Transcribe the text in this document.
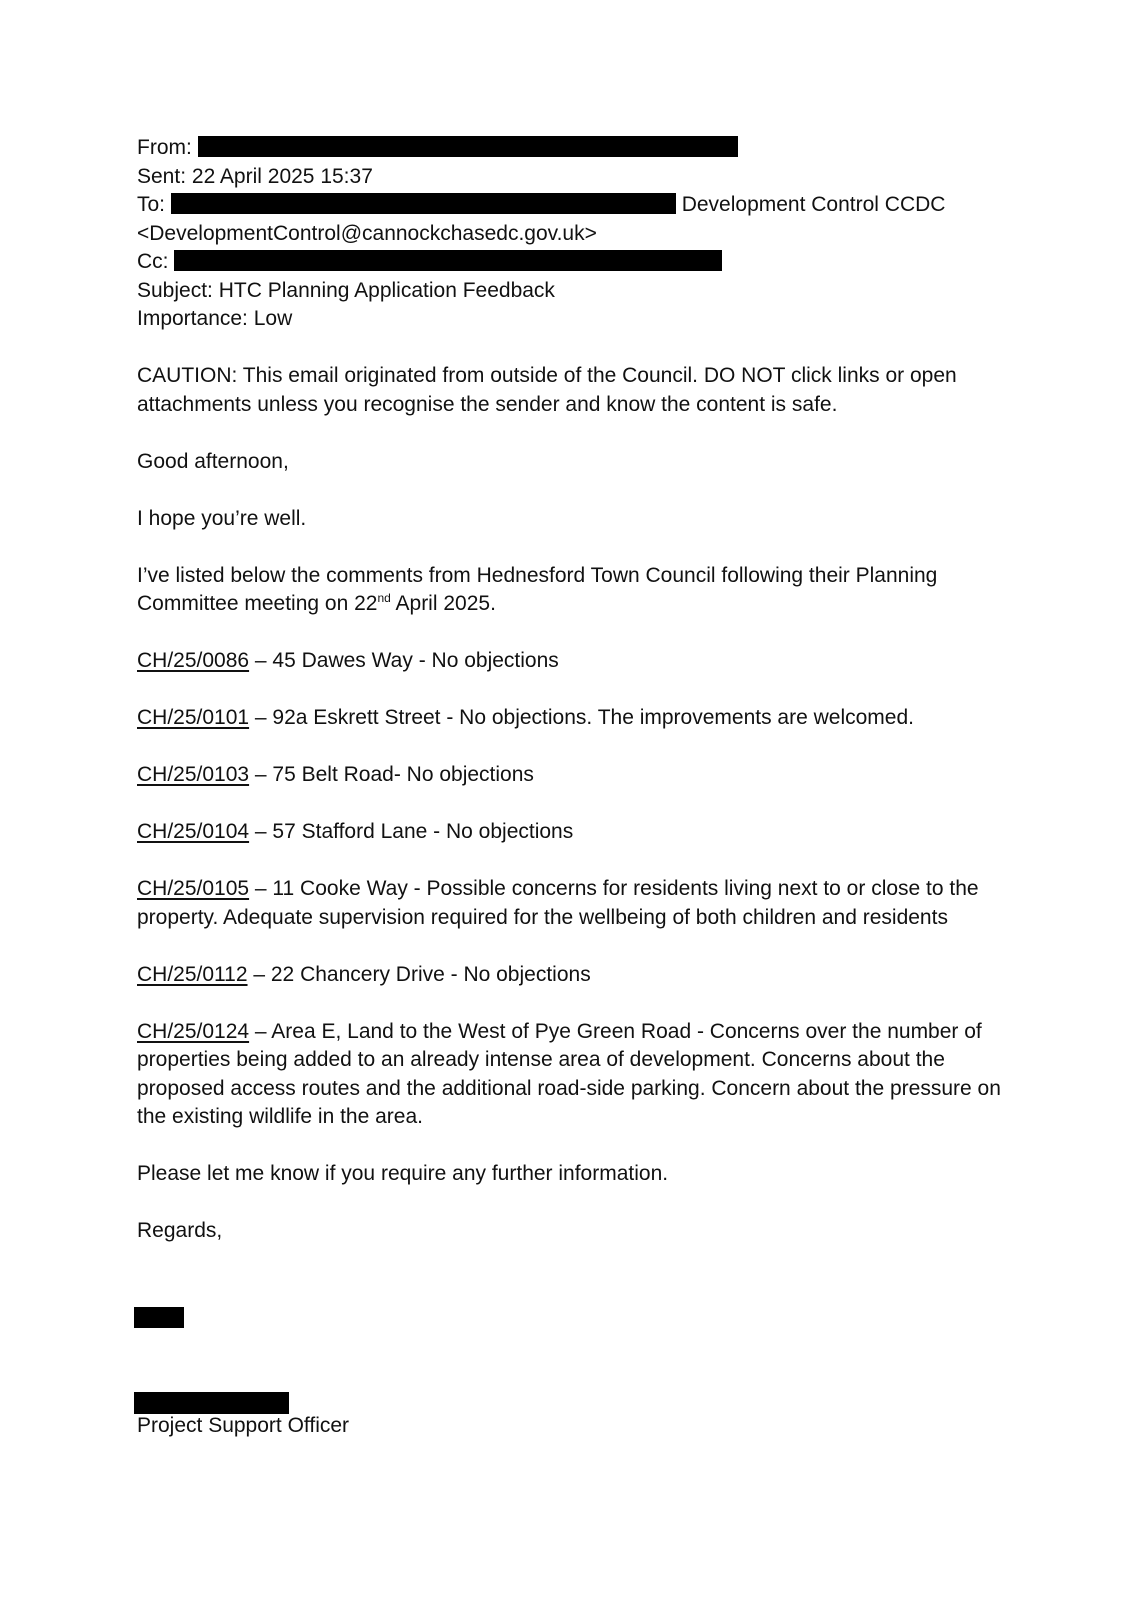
From:
Sent: 22 April 2025 15:37
To:	Development Control CCDC
<DevelopmentControl@cannockchasedc.gov.uk>
Cc:
Subject: HTC Planning Application Feedback
Importance: Low

CAUTION: This email originated from outside of the Council. DO NOT click links or open attachments unless you recognise the sender and know the content is safe.

Good afternoon,

I hope you’re well.

I’ve listed below the comments from Hednesford Town Council following their Planning Committee meeting on 22nd April 2025.

CH/25/0086 – 45 Dawes Way - No objections

CH/25/0101 – 92a Eskrett Street - No objections. The improvements are welcomed.

CH/25/0103 – 75 Belt Road- No objections

CH/25/0104 – 57 Stafford Lane - No objections

CH/25/0105 – 11 Cooke Way - Possible concerns for residents living next to or close to the property. Adequate supervision required for the wellbeing of both children and residents

CH/25/0112 – 22 Chancery Drive - No objections

CH/25/0124 – Area E, Land to the West of Pye Green Road - Concerns over the number of properties being added to an already intense area of development. Concerns about the proposed access routes and the additional road-side parking. Concern about the pressure on the existing wildlife in the area.

Please let me know if you require any further information.

Regards,

Project Support Officer
